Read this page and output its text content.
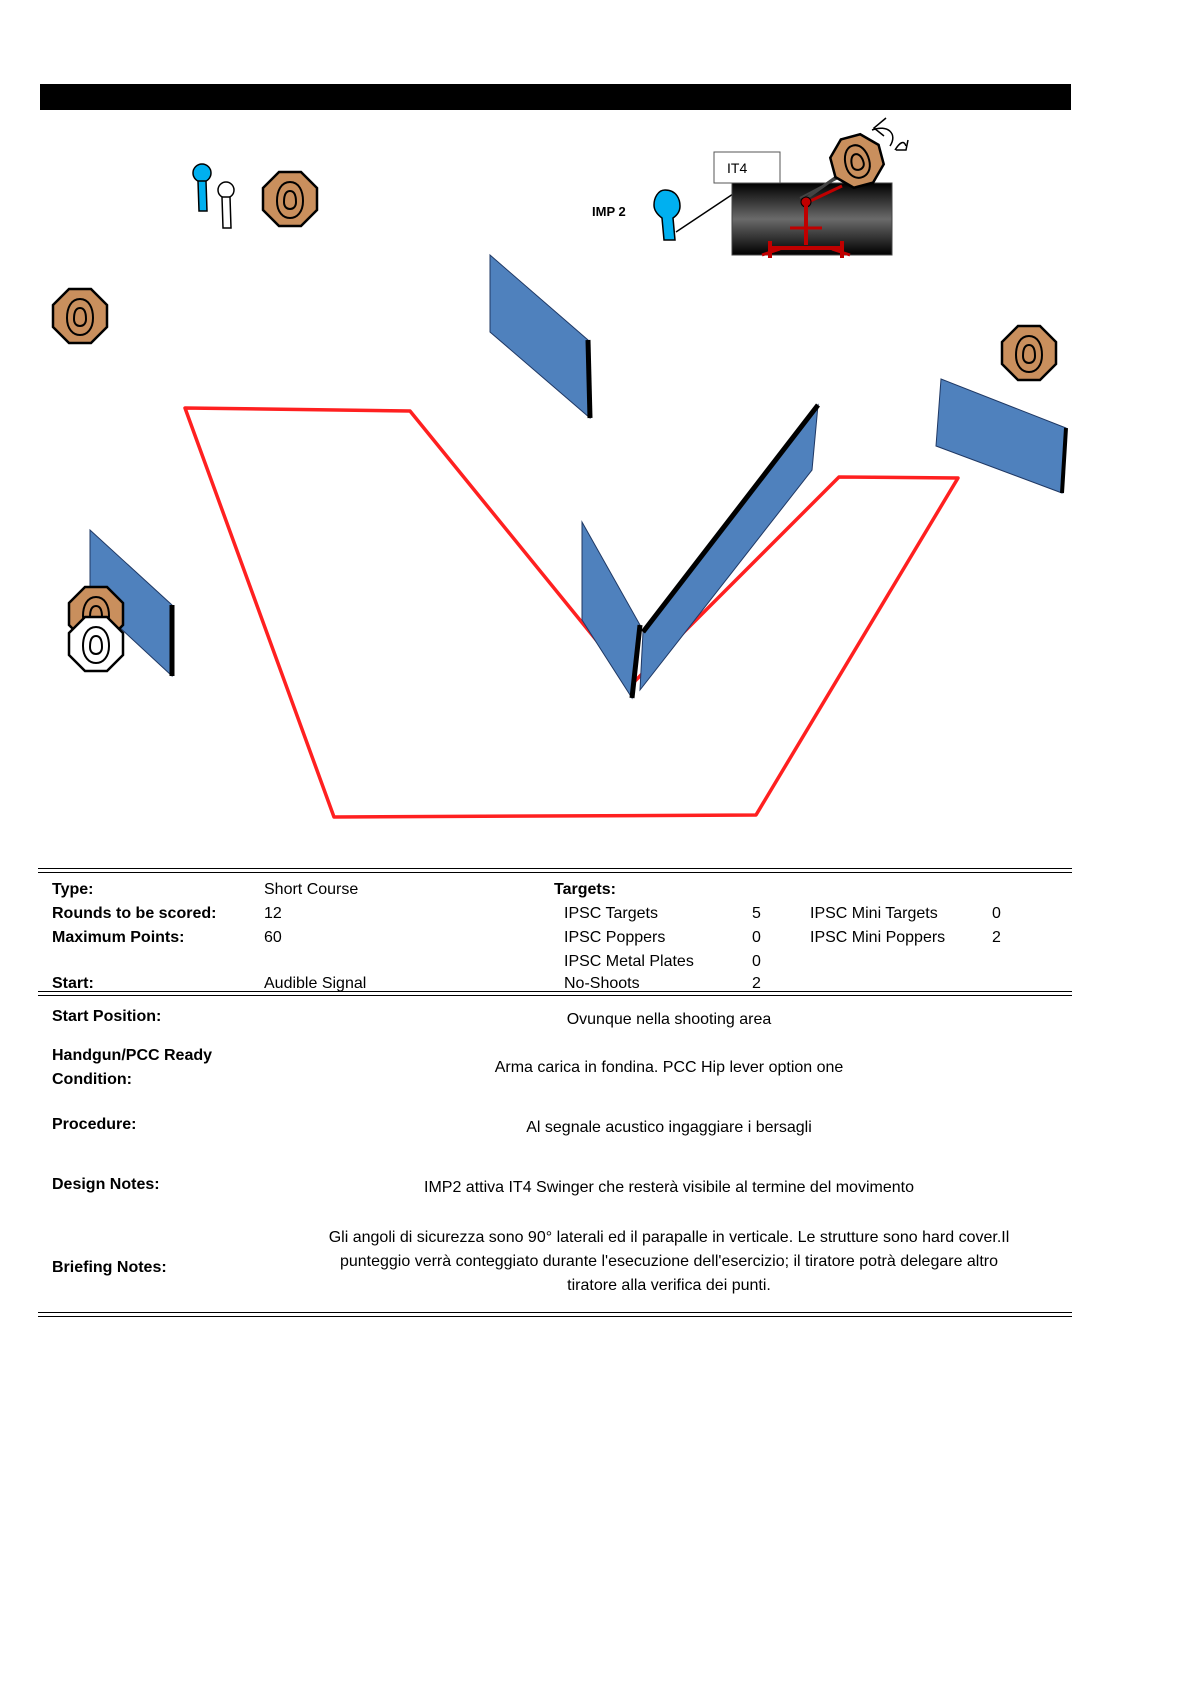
IMP 2
IT4
Type:	Short Course
Rounds to be scored:	12
Maximum Points:	60
Start:	Audible Signal
Targets:
IPSC Targets	5
IPSC Poppers	0
IPSC Metal Plates	0
No-Shoots	2
IPSC Mini Targets	0
IPSC Mini Poppers	2
Start Position:	Ovunque nella shooting area
Handgun/PCC Ready
Condition:
Arma carica in fondina. PCC Hip lever option one
Procedure:	Al segnale acustico ingaggiare i bersagli
Design Notes:	IMP2 attiva IT4 Swinger che resterà visibile al termine del movimento
Briefing Notes:
Gli angoli di sicurezza sono 90° laterali ed il parapalle in verticale. Le strutture sono hard cover.Il
punteggio verrà conteggiato durante l'esecuzione dell'esercizio; il tiratore potrà delegare altro
tiratore alla verifica dei punti.
